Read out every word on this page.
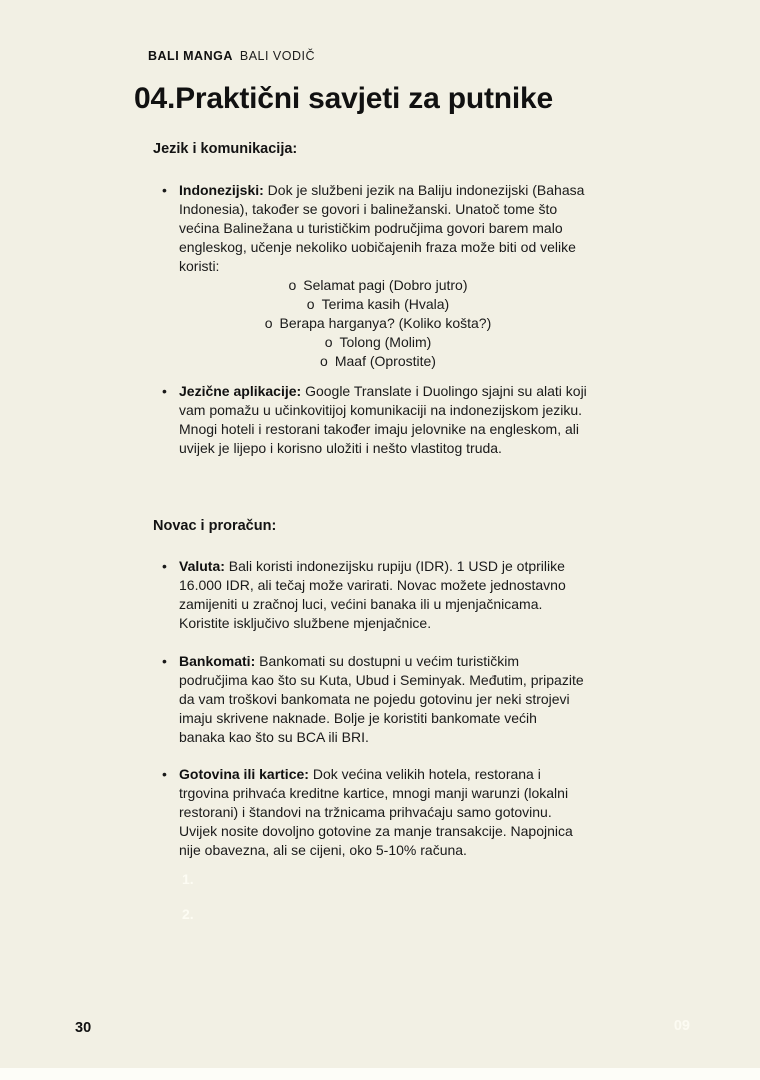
BALI MANGA BALI VODIČ
04.Praktični savjeti za putnike
Jezik i komunikacija:
• Indonezijski: Dok je službeni jezik na Baliju indonezijski (Bahasa
Indonesia), također se govori i balinežanski. Unatoč tome što
većina Balinežana u turističkim područjima govori barem malo
engleskog, učenje nekoliko uobičajenih fraza može biti od velike
koristi:
o Selamat pagi (Dobro jutro)
o Terima kasih (Hvala)
o Berapa harganya? (Koliko košta?)
o Tolong (Molim)
o Maaf (Oprostite)
• Jezične aplikacije: Google Translate i Duolingo sjajni su alati koji
vam pomažu u učinkovitijoj komunikaciji na indonezijskom jeziku.
Mnogi hoteli i restorani također imaju jelovnike na engleskom, ali
uvijek je lijepo i korisno uložiti i nešto vlastitog truda.
Novac i proračun:
• Valuta: Bali koristi indonezijsku rupiju (IDR). 1 USD je otprilike
16.000 IDR, ali tečaj može varirati. Novac možete jednostavno
zamijeniti u zračnoj luci, većini banaka ili u mjenjačnicama.
Koristite isključivo službene mjenjačnice.
• Bankomati: Bankomati su dostupni u većim turističkim
područjima kao što su Kuta, Ubud i Seminyak. Međutim, pripazite
da vam troškovi bankomata ne pojedu gotovinu jer neki strojevi
imaju skrivene naknade. Bolje je koristiti bankomate većih
banaka kao što su BCA ili BRI.
• Gotovina ili kartice: Dok većina velikih hotela, restorana i
trgovina prihvaća kreditne kartice, mnogi manji warunzi (lokalni
restorani) i štandovi na tržnicama prihvaćaju samo gotovinu.
Uvijek nosite dovoljno gotovine za manje transakcije. Napojnica
nije obavezna, ali se cijeni, oko 5-10% računa.
1.
2.
30	09
